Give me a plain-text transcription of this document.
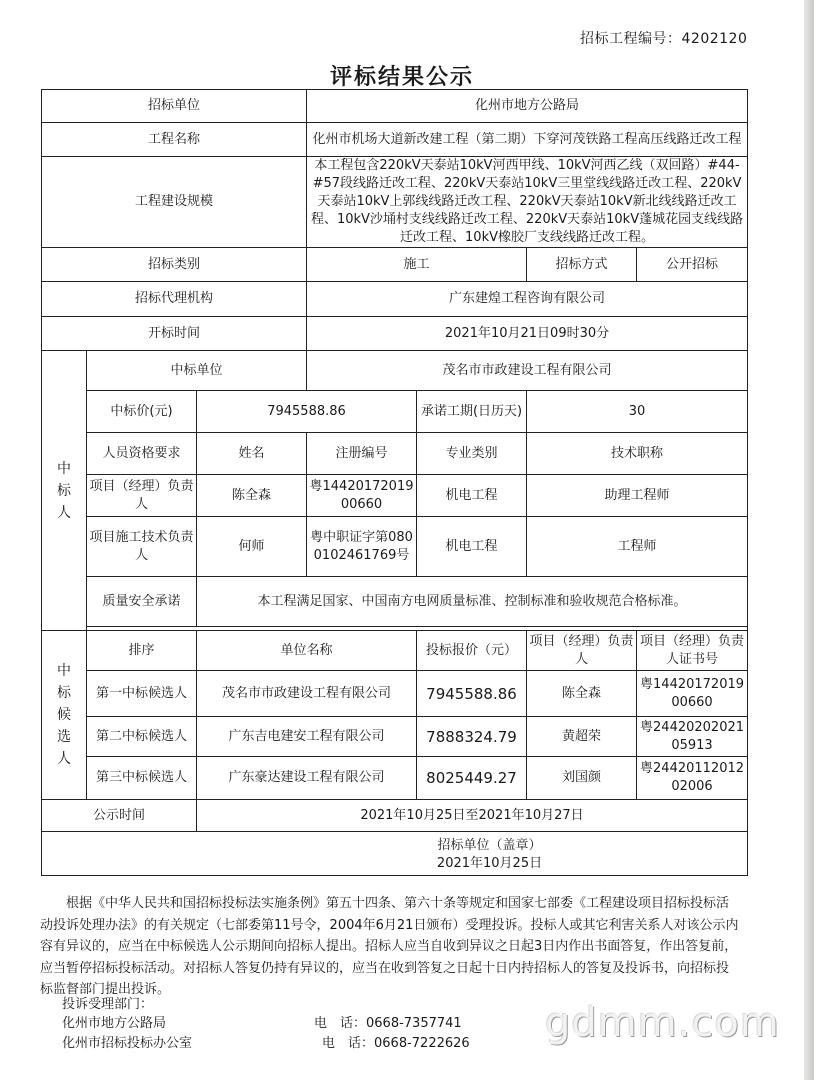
招标工程编号：4202120
评标结果公示
招标单位			化州市地方公路局			
工程名称			化州市机场大道新改建工程（第二期）下穿河茂铁路工程高压线路迁改工程			
工程建设规模			本工程包含220kV天泰站10kV河西甲线、10kV河西乙线（双回路）#44-#57段线路迁改工程、220kV天泰站10kV三里堂线线路迁改工程、220kV天泰站10kV上郭线线路迁改工程、220kV天泰站10kV新北线线路迁改工程、10kV沙埇村支线线路迁改工程、220kV天泰站10kV蓬城花园支线线路迁改工程、10kV橡胶厂支线线路迁改工程。			
招标类别			施工		招标方式	公开招标
招标代理机构			广东建煌工程咨询有限公司			
开标时间			2021年10月21日09时30分			
中标人	中标单位		茂名市市政建设工程有限公司			
	中标价(元)	7945588.86		承诺工期(日历天)	30	
	人员资格要求	姓名	注册编号	专业类别	技术职称	
	项目（经理）负责人	陈全森	粤1442017201900660	机电工程	助理工程师	
	项目施工技术负责人	何师	粤中职证字第0800102461769号	机电工程	工程师	
	质量安全承诺	本工程满足国家、中国南方电网质量标准、控制标准和验收规范合格标准。				

中标候选人	排序	单位名称		投标报价（元）	项目（经理）负责人	项目（经理）负责人证书号
	第一中标候选人	茂名市市政建设工程有限公司		7945588.86	陈全森	粤1442017201900660
	第二中标候选人	广东吉电建安工程有限公司		7888324.79	黄超荣	粤2442020202105913
	第三中标候选人	广东豪达建设工程有限公司		8025449.27	刘国颜	粤2442011201202006
公示时间		2021年10月25日至2021年10月27日				

招标单位（盖章）
2021年10月25日						
根据《中华人民共和国招标投标法实施条例》第五十四条、第六十条等规定和国家七部委《工程建设项目招标投标活动投诉处理办法》的有关规定（七部委第11号令，2004年6月21日颁布）受理投诉。投标人或其它利害关系人对该公示内容有异议的，应当在中标候选人公示期间向招标人提出。招标人应当自收到异议之日起3日内作出书面答复，作出答复前，应当暂停招标投标活动。对招标人答复仍持有异议的，应当在收到答复之日起十日内持招标人的答复及投诉书，向招标投标监督部门提出投诉。
投诉受理部门：
化州市地方公路局	电　话：0668-7357741
化州市招标投标办公室	电　话：0668-7222626 gdmm.com
